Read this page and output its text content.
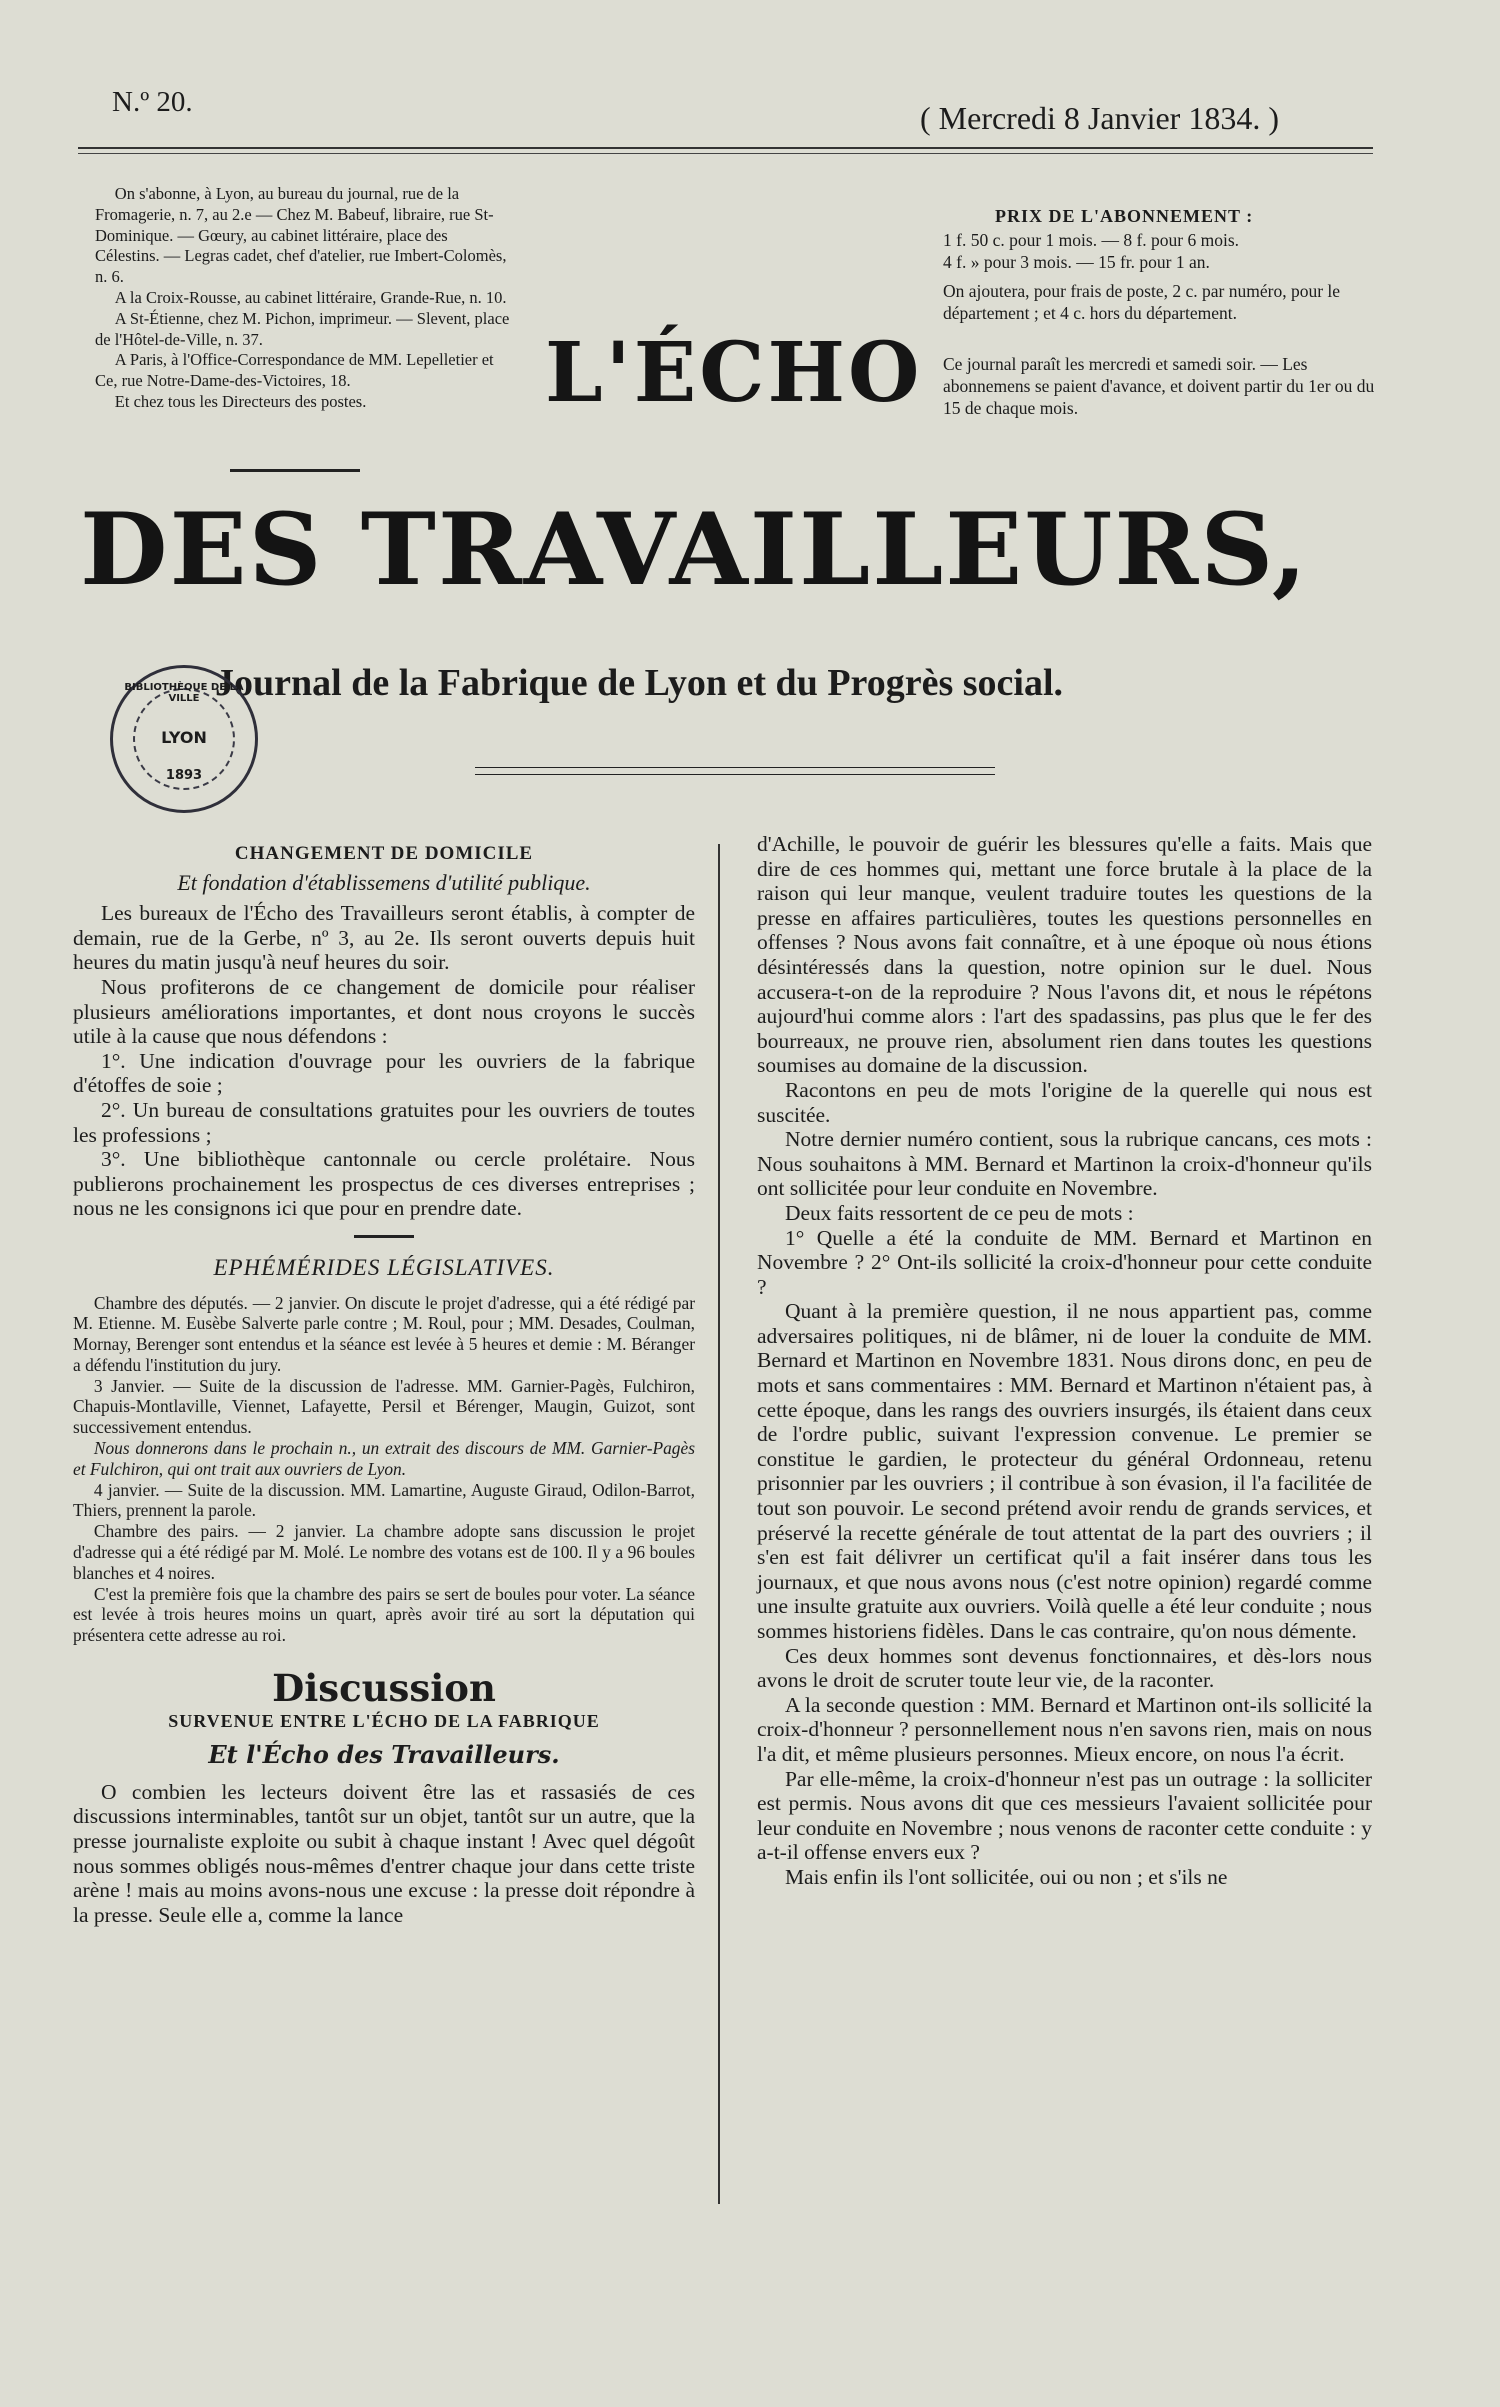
N.º 20.	( Mercredi 8 Janvier 1834. )

On s'abonne, à Lyon, au bureau du journal, rue de la Fromagerie, n. 7, au 2.e — Chez M. Babeuf, libraire, rue St-Dominique. — Gœury, au cabinet littéraire, place des Célestins. — Legras cadet, chef d'atelier, rue Imbert-Colomès, n. 6.

A la Croix-Rousse, au cabinet littéraire, Grande-Rue, n. 10.

A St-Étienne, chez M. Pichon, imprimeur. — Slevent, place de l'Hôtel-de-Ville, n. 37.

A Paris, à l'Office-Correspondance de MM. Lepelletier et Ce, rue Notre-Dame-des-Victoires, 18.

Et chez tous les Directeurs des postes.

PRIX DE L'ABONNEMENT :

1 f. 50 c. pour 1 mois. — 8 f. pour 6 mois.

4 f. » pour 3 mois. — 15 fr. pour 1 an.

On ajoutera, pour frais de poste, 2 c. par numéro, pour le département ; et 4 c. hors du département.

Ce journal paraît les mercredi et samedi soir. — Les abonnemens se paient d'avance, et doivent partir du 1er ou du 15 de chaque mois.

L'ÉCHO
DES TRAVAILLEURS,
Journal de la Fabrique de Lyon et du Progrès social.
BIBLIOTHÈQUE DE LA VILLE
LYON
1893
CHANGEMENT DE DOMICILE
Et fondation d'établissemens d'utilité publique.

Les bureaux de l'Écho des Travailleurs seront établis, à compter de demain, rue de la Gerbe, nº 3, au 2e. Ils seront ouverts depuis huit heures du matin jusqu'à neuf heures du soir.

Nous profiterons de ce changement de domicile pour réaliser plusieurs améliorations importantes, et dont nous croyons le succès utile à la cause que nous défendons :

1°. Une indication d'ouvrage pour les ouvriers de la fabrique d'étoffes de soie ;

2°. Un bureau de consultations gratuites pour les ouvriers de toutes les professions ;

3°. Une bibliothèque cantonnale ou cercle prolétaire. Nous publierons prochainement les prospectus de ces diverses entreprises ; nous ne les consignons ici que pour en prendre date.

EPHÉMÉRIDES LÉGISLATIVES.

Chambre des députés. — 2 janvier. On discute le projet d'adresse, qui a été rédigé par M. Etienne. M. Eusèbe Salverte parle contre ; M. Roul, pour ; MM. Desades, Coulman, Mornay, Berenger sont entendus et la séance est levée à 5 heures et demie : M. Béranger a défendu l'institution du jury.

3 Janvier. — Suite de la discussion de l'adresse. MM. Garnier-Pagès, Fulchiron, Chapuis-Montlaville, Viennet, Lafayette, Persil et Bérenger, Maugin, Guizot, sont successivement entendus.

Nous donnerons dans le prochain n., un extrait des discours de MM. Garnier-Pagès et Fulchiron, qui ont trait aux ouvriers de Lyon.

4 janvier. — Suite de la discussion. MM. Lamartine, Auguste Giraud, Odilon-Barrot, Thiers, prennent la parole.

Chambre des pairs. — 2 janvier. La chambre adopte sans discussion le projet d'adresse qui a été rédigé par M. Molé. Le nombre des votans est de 100. Il y a 96 boules blanches et 4 noires.

C'est la première fois que la chambre des pairs se sert de boules pour voter. La séance est levée à trois heures moins un quart, après avoir tiré au sort la députation qui présentera cette adresse au roi.

Discussion
SURVENUE ENTRE L'ÉCHO DE LA FABRIQUE
Et l'Écho des Travailleurs.

O combien les lecteurs doivent être las et rassasiés de ces discussions interminables, tantôt sur un objet, tantôt sur un autre, que la presse journaliste exploite ou subit à chaque instant ! Avec quel dégoût nous sommes obligés nous-mêmes d'entrer chaque jour dans cette triste arène ! mais au moins avons-nous une excuse : la presse doit répondre à la presse. Seule elle a, comme la lance

d'Achille, le pouvoir de guérir les blessures qu'elle a faits. Mais que dire de ces hommes qui, mettant une force brutale à la place de la raison qui leur manque, veulent traduire toutes les questions de la presse en affaires particulières, toutes les questions personnelles en offenses ? Nous avons fait connaître, et à une époque où nous étions désintéressés dans la question, notre opinion sur le duel. Nous accusera-t-on de la reproduire ? Nous l'avons dit, et nous le répétons aujourd'hui comme alors : l'art des spadassins, pas plus que le fer des bourreaux, ne prouve rien, absolument rien dans toutes les questions soumises au domaine de la discussion.

Racontons en peu de mots l'origine de la querelle qui nous est suscitée.

Notre dernier numéro contient, sous la rubrique cancans, ces mots : Nous souhaitons à MM. Bernard et Martinon la croix-d'honneur qu'ils ont sollicitée pour leur conduite en Novembre.

Deux faits ressortent de ce peu de mots :

1° Quelle a été la conduite de MM. Bernard et Martinon en Novembre ? 2° Ont-ils sollicité la croix-d'honneur pour cette conduite ?

Quant à la première question, il ne nous appartient pas, comme adversaires politiques, ni de blâmer, ni de louer la conduite de MM. Bernard et Martinon en Novembre 1831. Nous dirons donc, en peu de mots et sans commentaires : MM. Bernard et Martinon n'étaient pas, à cette époque, dans les rangs des ouvriers insurgés, ils étaient dans ceux de l'ordre public, suivant l'expression convenue. Le premier se constitue le gardien, le protecteur du général Ordonneau, retenu prisonnier par les ouvriers ; il contribue à son évasion, il l'a facilitée de tout son pouvoir. Le second prétend avoir rendu de grands services, et préservé la recette générale de tout attentat de la part des ouvriers ; il s'en est fait délivrer un certificat qu'il a fait insérer dans tous les journaux, et que nous avons nous (c'est notre opinion) regardé comme une insulte gratuite aux ouvriers. Voilà quelle a été leur conduite ; nous sommes historiens fidèles. Dans le cas contraire, qu'on nous démente.

Ces deux hommes sont devenus fonctionnaires, et dès-lors nous avons le droit de scruter toute leur vie, de la raconter.

A la seconde question : MM. Bernard et Martinon ont-ils sollicité la croix-d'honneur ? personnellement nous n'en savons rien, mais on nous l'a dit, et même plusieurs personnes. Mieux encore, on nous l'a écrit.

Par elle-même, la croix-d'honneur n'est pas un outrage : la solliciter est permis. Nous avons dit que ces messieurs l'avaient sollicitée pour leur conduite en Novembre ; nous venons de raconter cette conduite : y a-t-il offense envers eux ?

Mais enfin ils l'ont sollicitée, oui ou non ; et s'ils ne
